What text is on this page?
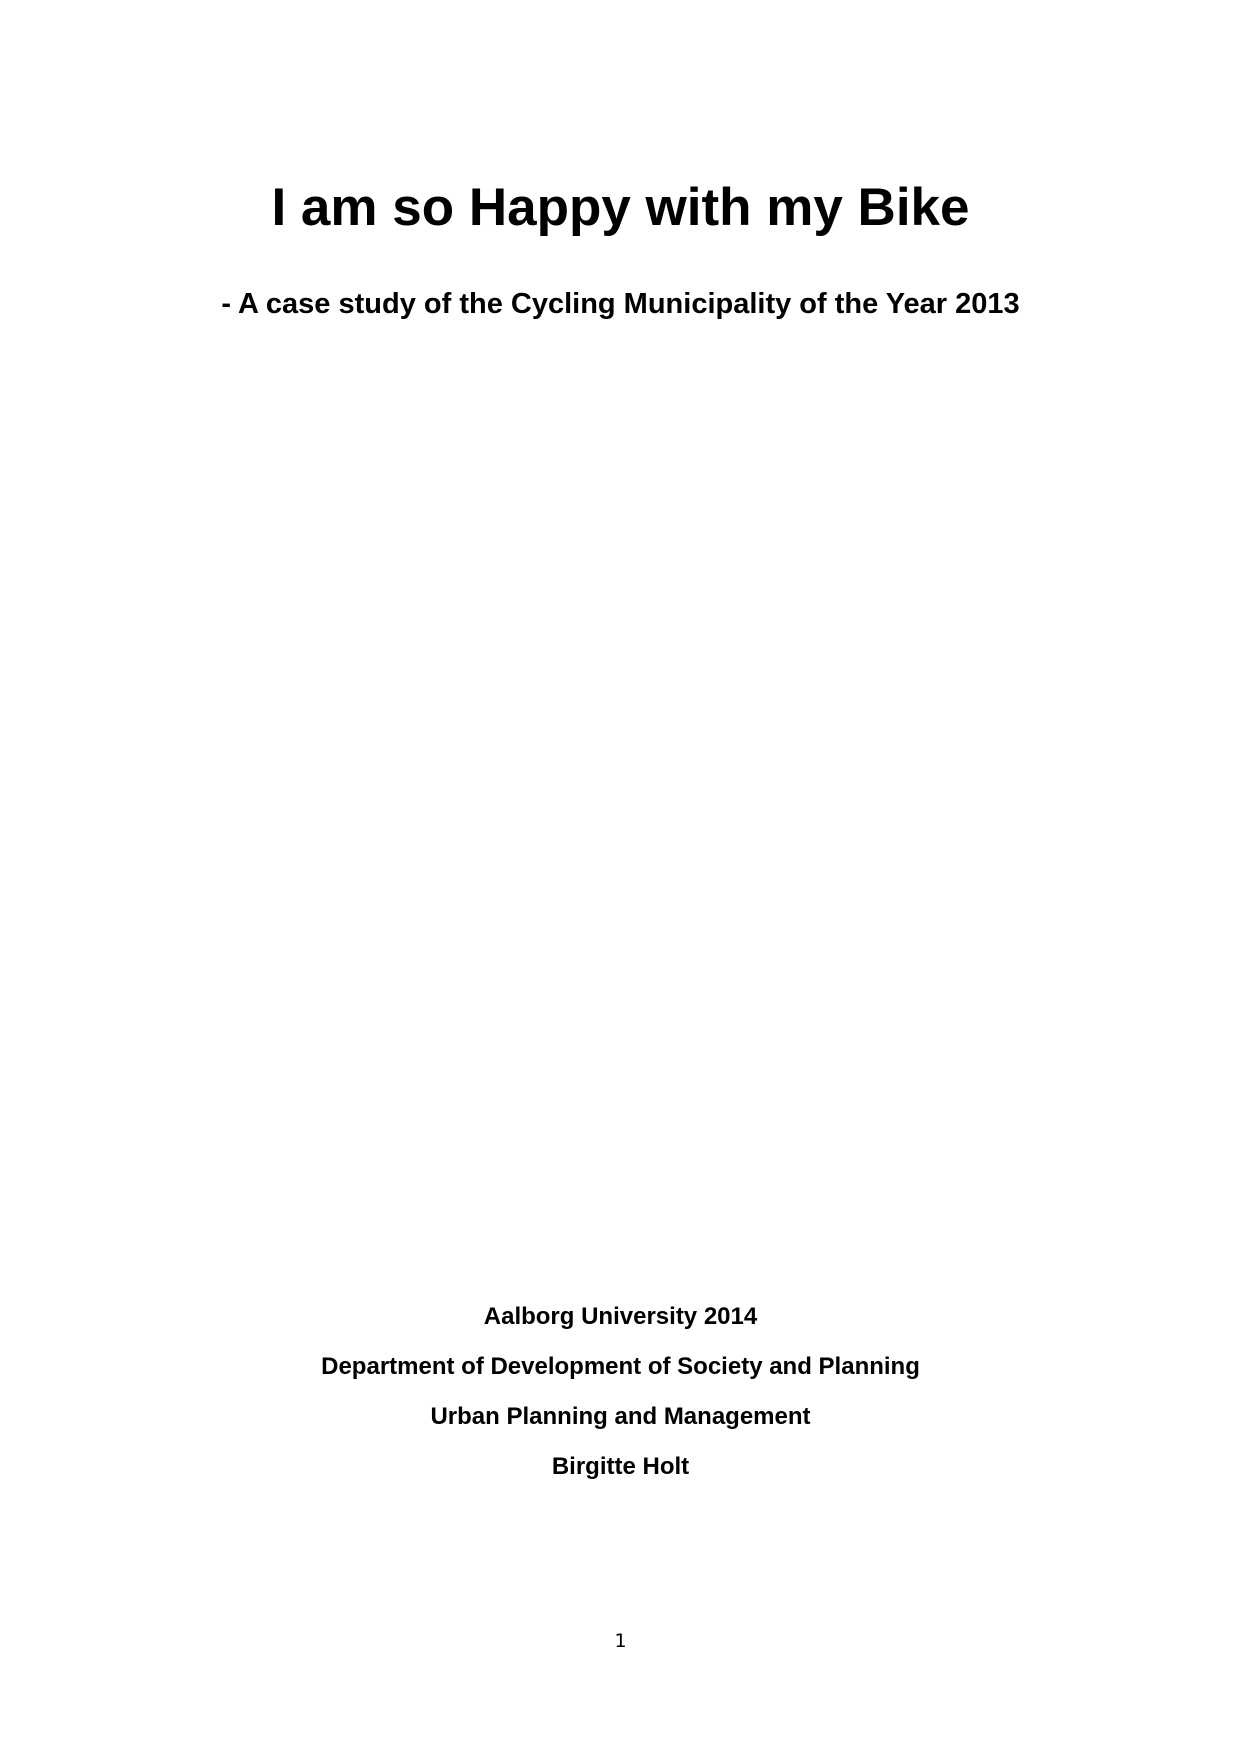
I am so Happy with my Bike
- A case study of the Cycling Municipality of the Year 2013

Aalborg University 2014

Department of Development of Society and Planning

Urban Planning and Management

Birgitte Holt

1
